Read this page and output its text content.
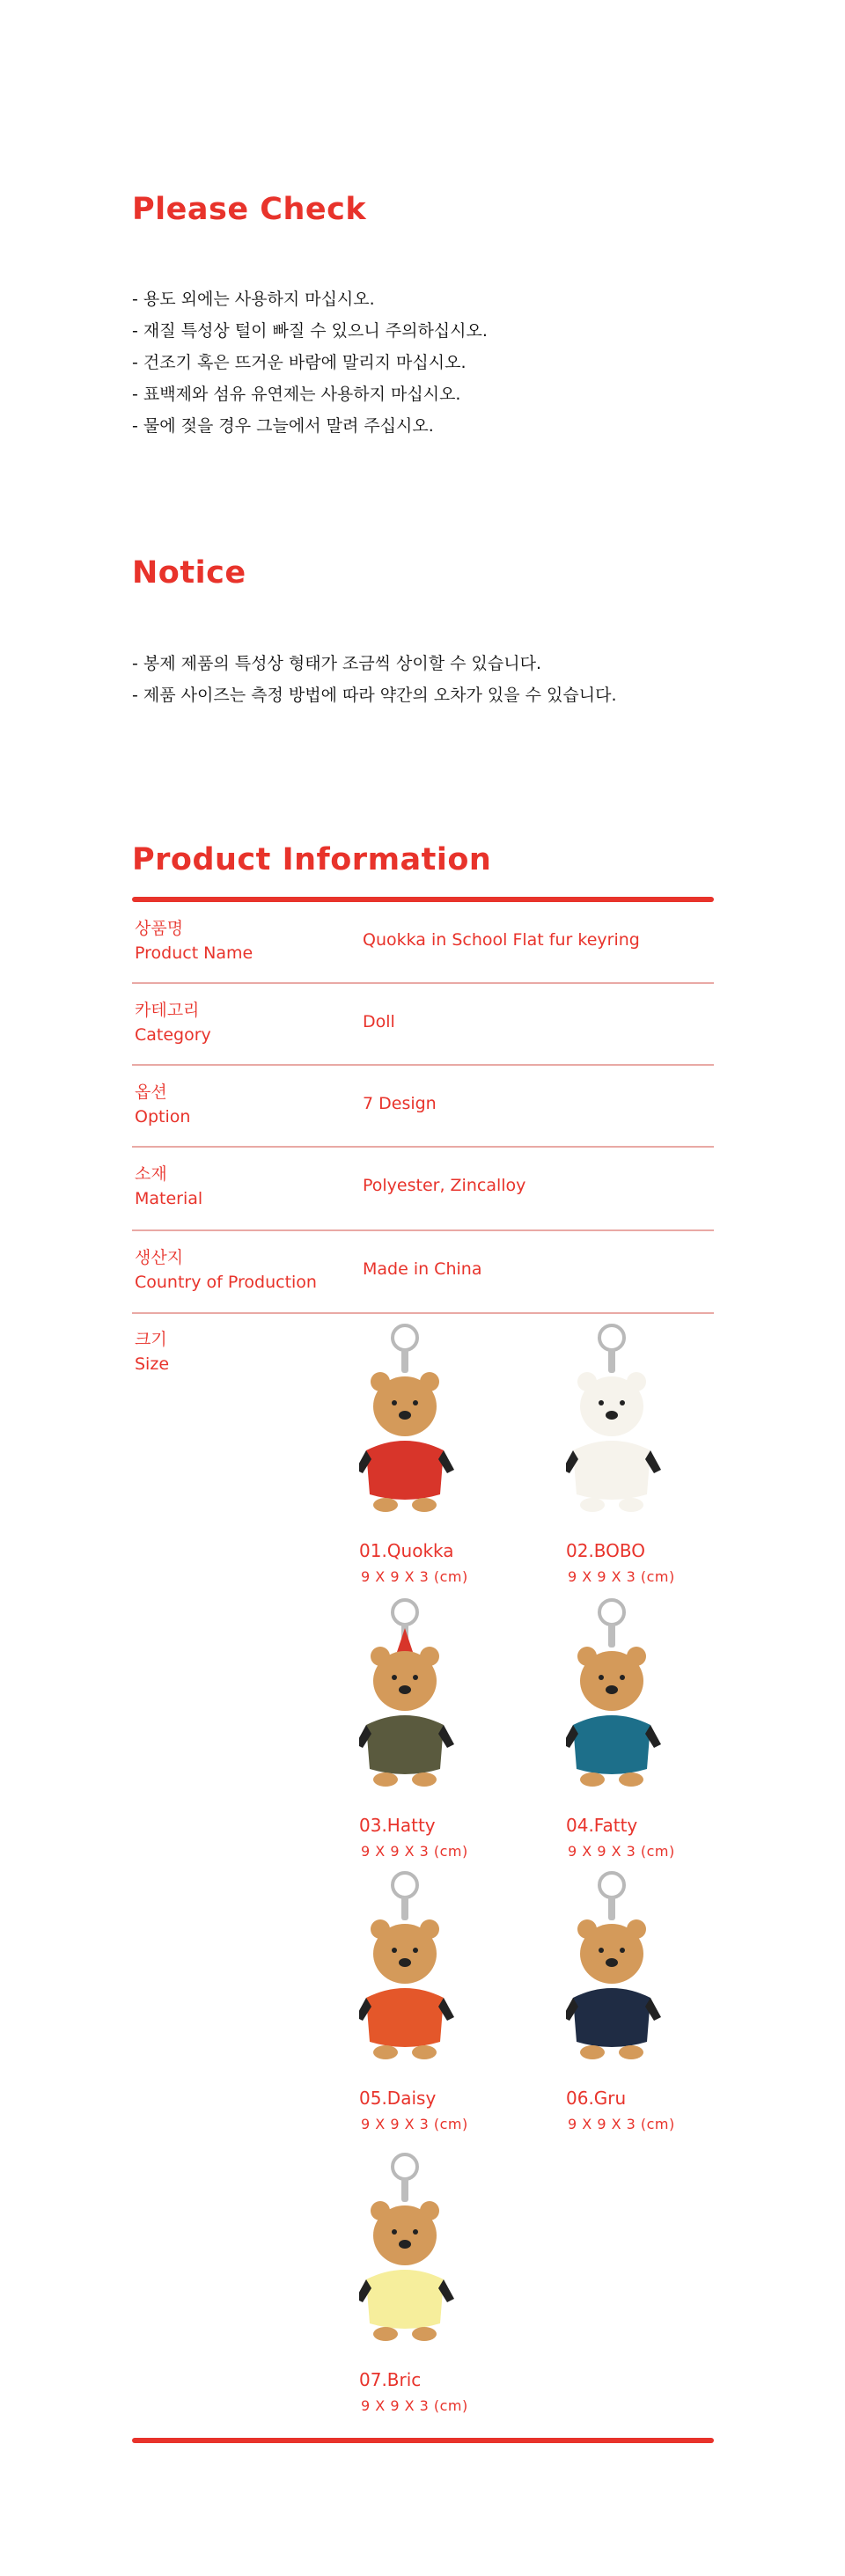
Please Check
- 용도 외에는 사용하지 마십시오.
- 재질 특성상 털이 빠질 수 있으니 주의하십시오.
- 건조기 혹은 뜨거운 바람에 말리지 마십시오.
- 표백제와 섬유 유연제는 사용하지 마십시오.
- 물에 젖을 경우 그늘에서 말려 주십시오.
Notice
- 봉제 제품의 특성상 형태가 조금씩 상이할 수 있습니다.
- 제품 사이즈는 측정 방법에 따라 약간의 오차가 있을 수 있습니다.
Product Information
상품명
Product Name
Quokka in School Flat fur keyring
카테고리
Category
Doll
옵션
Option
7 Design
소재
Material
Polyester, Zincalloy
생산지
Country of Production
Made in China
크기
Size
01.Quokka
9 X 9 X 3 (cm)
02.BOBO
9 X 9 X 3 (cm)
03.Hatty
9 X 9 X 3 (cm)
04.Fatty
9 X 9 X 3 (cm)
05.Daisy
9 X 9 X 3 (cm)
06.Gru
9 X 9 X 3 (cm)
07.Bric
9 X 9 X 3 (cm)
